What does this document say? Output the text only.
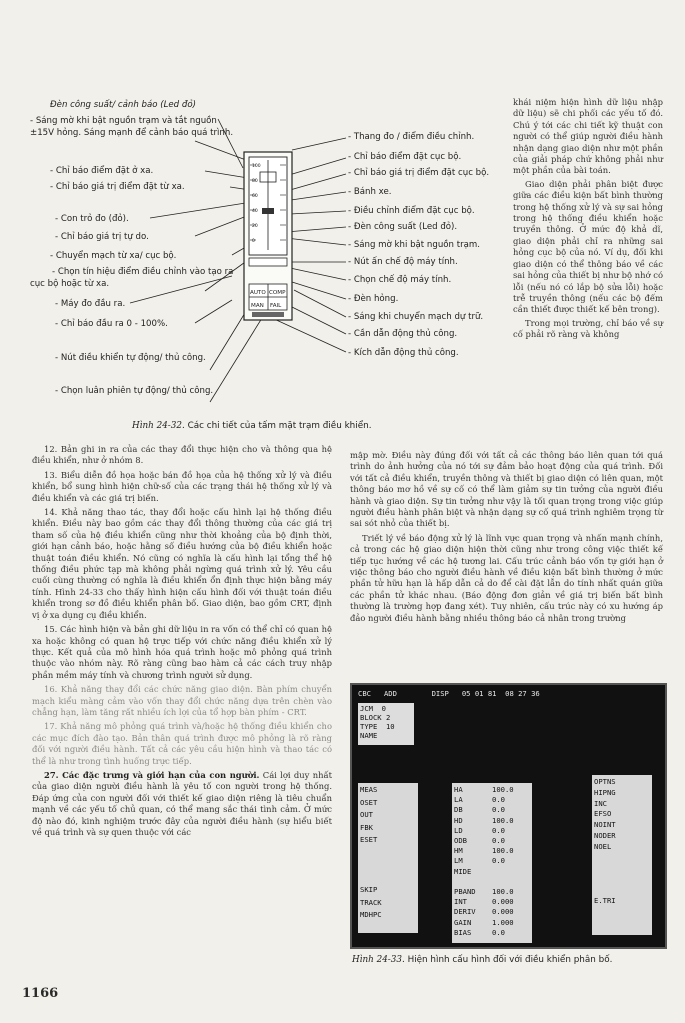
Đèn công suất/ cảnh báo (Led đỏ)
- Sáng mờ khi bật nguồn trạm và tắt nguồn ±15V hỏng. Sáng mạnh để cảnh báo quá trình.
- Chỉ báo điểm đặt ở xa.
- Chỉ báo giá trị điểm đặt từ xa.
- Con trỏ đo (đỏ).
- Chỉ báo giá trị tự do.
- Chuyển mạch từ xa/ cục bộ.
- Chọn tín hiệu điểm điều chỉnh vào tạo ra cục bộ hoặc từ xa.
- Máy đo đầu ra.
- Chỉ báo đầu ra 0 - 100%.
- Nút điều khiển tự động/ thủ công.
- Chọn luân phiên tự động/ thủ công.
- Thang đo / điểm điều chỉnh.
- Chỉ báo điểm đặt cục bộ.
- Chỉ báo giá trị điểm đặt cục bộ.
- Bánh xe.
- Điều chỉnh điểm đặt cục bộ.
- Đèn công suất (Led đỏ).
- Sáng mờ khi bật nguồn trạm.
- Nút ấn chế độ máy tính.
- Chọn chế độ máy tính.
- Đèn hỏng.
- Sáng khi chuyển mạch dự trữ.
- Cần dẫn động thủ công.
- Kích dẫn động thủ công.
100
80
60
40
20
0
AUTO COMP
MAN FAIL
Hình 24-32. Các chi tiết của tấm mặt trạm điều khiển.

khái niệm hiện hình dữ liệu nhập dữ liệu) sẽ chi phối các yếu tố đó. Chú ý tới các chi tiết kỹ thuật con người có thể giúp người điều hành nhận dạng giao diện như một phần của giải pháp chứ không phải như một phần của bài toán.

Giao diện phải phân biệt được giữa các điều kiện bất bình thường trong hệ thống xử lý và sự sai hỏng trong hệ thống điều khiển hoặc truyền thông. Ở mức độ khả dĩ, giao diện phải chỉ ra những sai hỏng cục bộ của nó. Ví dụ, đối khi giao diện có thể thông báo về các sai hỏng của thiết bị như bộ nhớ có lỗi (nếu nó có lắp bộ sửa lỗi) hoặc trễ truyền thông (nếu các bộ đếm cần thiết được thiết kế bên trong).

Trong mọi trường, chỉ báo về sự cố phải rõ ràng và không

12. Bản ghi in ra của các thay đổi thực hiện cho và thông qua hệ điều khiển, như ở nhóm 8.

13. Biểu diễn đồ họa hoặc bán đồ họa của hệ thống xử lý và điều khiển, bổ sung hình hiện chữ-số của các trạng thái hệ thống xử lý và điều khiển và các giá trị biến.

14. Khả năng thao tác, thay đổi hoặc cấu hình lại hệ thống điều khiển. Điều này bao gồm các thay đổi thông thường của các giá trị tham số của hệ điều khiển cũng như thời khoảng của bộ định thời, giới hạn cảnh báo, hoặc hằng số điều hướng của bộ điều khiển hoặc thuật toán điều khiển. Nó cũng có nghĩa là cấu hình lại tổng thể hệ thống điều phức tạp mà không phải ngừng quá trình xử lý. Yêu cầu cuối cùng thường có nghĩa là điều khiển ổn định thực hiện bằng máy tính. Hình 24-33 cho thấy hình hiện cấu hình đối với thuật toán điều khiển trong sơ đồ điều khiển phân bố. Giao diện, bao gồm CRT, định vị ở xa dụng cụ điều khiển.

15. Các hình hiện và bản ghi dữ liệu in ra vốn có thể chỉ có quan hệ xa hoặc không có quan hệ trực tiếp với chức năng điều khiển xử lý thực. Kết quả của mô hình hóa quá trình hoặc mô phỏng quá trình thuộc vào nhóm này. Rõ ràng cũng bao hàm cả các cách truy nhập phần mềm máy tính và chương trình người sử dụng.

16. Khả năng thay đổi các chức năng giao diện. Bàn phím chuyển mạch kiểu màng cảm vào vốn thay đổi chức năng dựa trên chèn vào chẳng hạn, làm tăng rất nhiều ích lợi của tổ hợp bàn phím - CRT.

17. Khả năng mô phỏng quá trình và/hoặc hệ thống điều khiển cho các mục đích đào tạo. Bản thân quá trình được mô phỏng là rõ ràng đối với người điều hành. Tất cả các yêu cầu hiện hình và thao tác có thể là như trong tình huống trực tiếp.

27. Các đặc trưng và giới hạn của con người. Cái lợi duy nhất của giao diện người điều hành là yêu tố con người trong hệ thống. Đáp ứng của con người đối với thiết kế giao diện riêng là tiêu chuẩn mạnh về các yếu tố chủ quan, có thể mang sắc thái tình cảm. Ở mức độ nào đó, kinh nghiệm trước đây của người điều hành (sự hiểu biết về quá trình và sự quen thuộc với các

mập mờ. Điều này đúng đối với tất cả các thông báo liên quan tới quá trình do ảnh hưởng của nó tới sự đảm bảo hoạt động của quá trình. Đối với tất cả điều khiển, truyền thông và thiết bị giao diện có liên quan, một thông báo mơ hồ về sự cố có thể làm giảm sự tin tưởng của người điều hành và giao diện. Sự tin tưởng như vậy là tối quan trọng trong việc giúp người điều hành phân biệt và nhận dạng sự cố quá trình nghiêm trọng từ sai sót nhỏ của thiết bị.

Triết lý về báo động xử lý là lĩnh vực quan trọng và nhấn mạnh chính, cả trong các hệ giao diện hiện thời cũng như trong công việc thiết kế tiếp tục hướng về các hệ tương lai. Cấu trúc cảnh báo vốn tự giới hạn ở việc thông báo cho người điều hành về điều kiện bất bình thường ở mức phần tử hữu hạn là hấp dẫn cả do để cài đặt lẫn do tính nhất quán giữa các phần tử khác nhau. (Báo động đơn giản về giá trị biến bất bình thường là trường hợp đang xét). Tuy nhiên, cấu trúc này có xu hướng áp đảo người điều hành bằng nhiều thông báo cả nhân trong trường

CBC   ADD        DISP   05 01 81  08 27 36
JCM  0
BLOCK 2
TYPE  10
NAME
MEAS
OSET
OUT
FBK
ESET
SKIP
TRACK
MDHPC
HA
LA
DB
HD
LD
ODB
HM
LM
MIDE
PBAND
INT
DERIV
GAIN
BIAS
100.0
0.0
0.0
100.0
0.0
0.0
100.0
0.0
100.0
0.000
0.000
1.000
0.0
OPTNS
HIPNG
INC
EFSO
NOINT
NODER
NOEL
E.TRI
Hình 24-33. Hiện hình cấu hình đối với điều khiển phân bố.
1166
